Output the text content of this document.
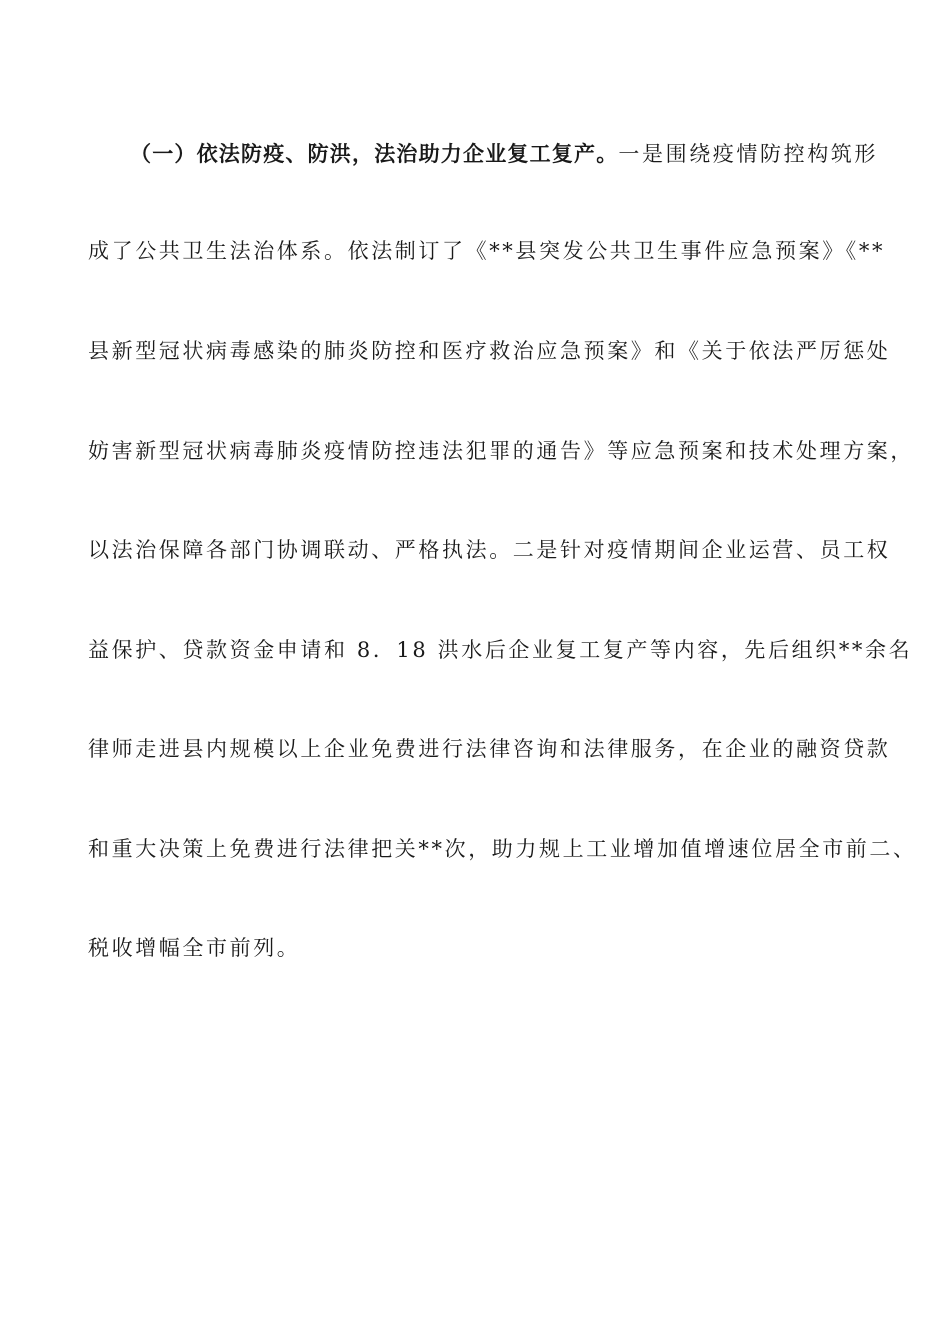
（一）依法防疫、防洪，法治助力企业复工复产。一是围绕疫情防控构筑形
成了公共卫生法治体系。依法制订了《**县突发公共卫生事件应急预案》《**
县新型冠状病毒感染的肺炎防控和医疗救治应急预案》和《关于依法严厉惩处
妨害新型冠状病毒肺炎疫情防控违法犯罪的通告》等应急预案和技术处理方案，
以法治保障各部门协调联动、严格执法。二是针对疫情期间企业运营、员工权
益保护、贷款资金申请和 8．18 洪水后企业复工复产等内容，先后组织**余名
律师走进县内规模以上企业免费进行法律咨询和法律服务，在企业的融资贷款
和重大决策上免费进行法律把关**次，助力规上工业增加值增速位居全市前二、
税收增幅全市前列。
